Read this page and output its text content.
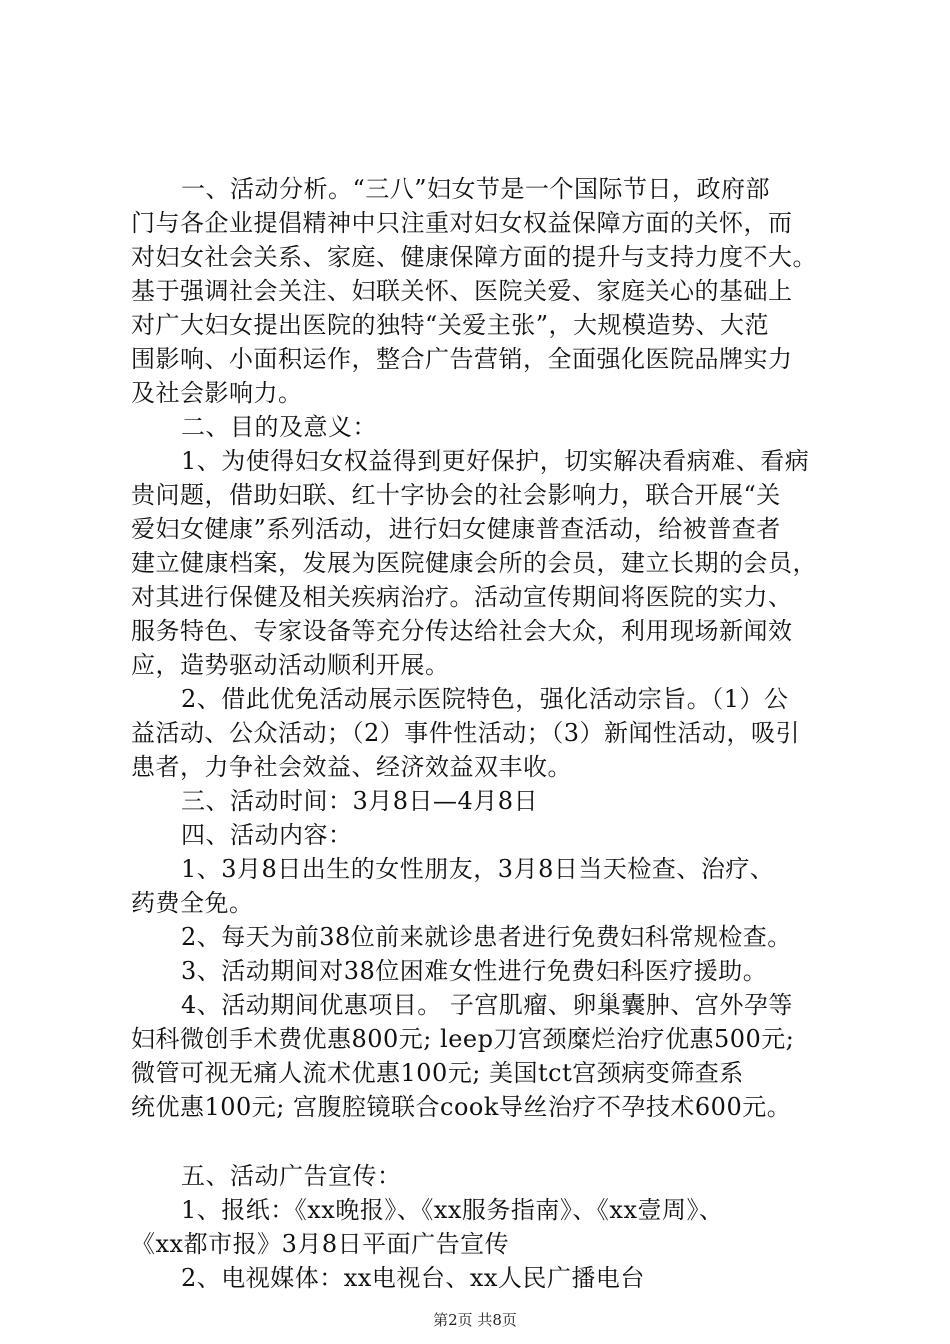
一、活动分析。“三八”妇女节是一个国际节日，政府部
门与各企业提倡精神中只注重对妇女权益保障方面的关怀，而
对妇女社会关系、家庭、健康保障方面的提升与支持力度不大。
基于强调社会关注、妇联关怀、医院关爱、家庭关心的基础上
对广大妇女提出医院的独特“关爱主张”，大规模造势、大范
围影响、小面积运作，整合广告营销，全面强化医院品牌实力
及社会影响力。
二、目的及意义：
1、为使得妇女权益得到更好保护，切实解决看病难、看病
贵问题，借助妇联、红十字协会的社会影响力，联合开展“关
爱妇女健康”系列活动，进行妇女健康普查活动，给被普查者
建立健康档案，发展为医院健康会所的会员，建立长期的会员，
对其进行保健及相关疾病治疗。活动宣传期间将医院的实力、
服务特色、专家设备等充分传达给社会大众，利用现场新闻效
应，造势驱动活动顺利开展。
2、借此优免活动展示医院特色，强化活动宗旨。（1）公
益活动、公众活动；（2）事件性活动；（3）新闻性活动，吸引
患者，力争社会效益、经济效益双丰收。
三、活动时间：3月8日—4月8日
四、活动内容：
1、3月8日出生的女性朋友，3月8日当天检查、治疗、
药费全免。
2、每天为前38位前来就诊患者进行免费妇科常规检查。
3、活动期间对38位困难女性进行免费妇科医疗援助。
4、活动期间优惠项目。 子宫肌瘤、卵巢囊肿、宫外孕等
妇科微创手术费优惠800元; leep刀宫颈糜烂治疗优惠500元;
微管可视无痛人流术优惠100元; 美国tct宫颈病变筛查系
统优惠100元; 宫腹腔镜联合cook导丝治疗不孕技术600元。
五、活动广告宣传：
1、报纸：《xx晚报》、《xx服务指南》、《xx壹周》、
《xx都市报》3月8日平面广告宣传
2、电视媒体：xx电视台、xx人民广播电台
第2页 共8页
